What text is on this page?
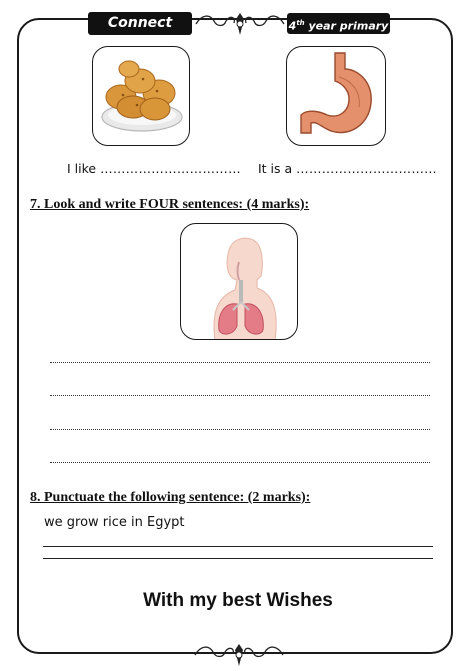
Connect	4th year primary
I like …………………………… It is a ……………………………
7. Look and write FOUR sentences: (4 marks):
8. Punctuate the following sentence: (2 marks):
we grow rice in Egypt
With my best Wishes
